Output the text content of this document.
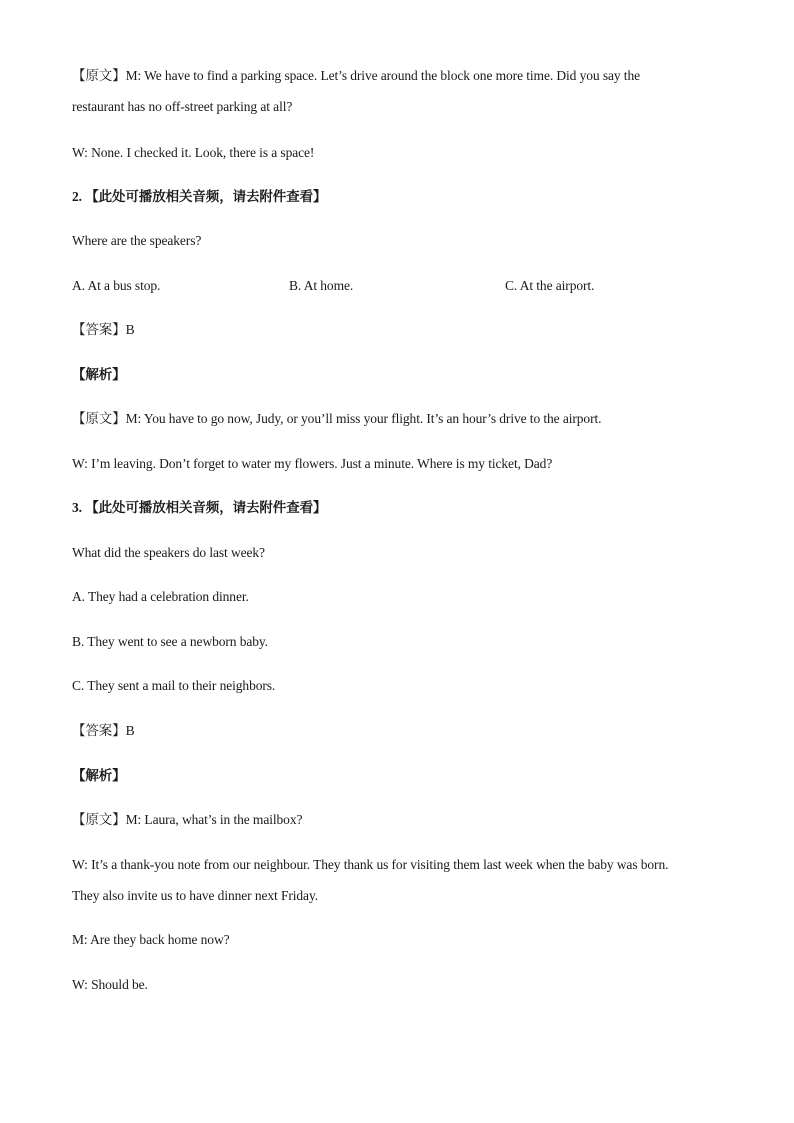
【原文】M: We have to find a parking space. Let’s drive around the block one more time. Did you say the
restaurant has no off-street parking at all?
W: None. I checked it. Look, there is a space!
2. 【此处可播放相关音频，请去附件查看】
Where are the speakers?
A. At a bus stop.	B. At home.	C. At the airport.
【答案】B
【解析】
【原文】M: You have to go now, Judy, or you’ll miss your flight. It’s an hour’s drive to the airport.
W: I’m leaving. Don’t forget to water my flowers. Just a minute. Where is my ticket, Dad?
3. 【此处可播放相关音频，请去附件查看】
What did the speakers do last week?
A. They had a celebration dinner.
B. They went to see a newborn baby.
C. They sent a mail to their neighbors.
【答案】B
【解析】
【原文】M: Laura, what’s in the mailbox?
W: It’s a thank-you note from our neighbour. They thank us for visiting them last week when the baby was born.
They also invite us to have dinner next Friday.
M: Are they back home now?
W: Should be.
